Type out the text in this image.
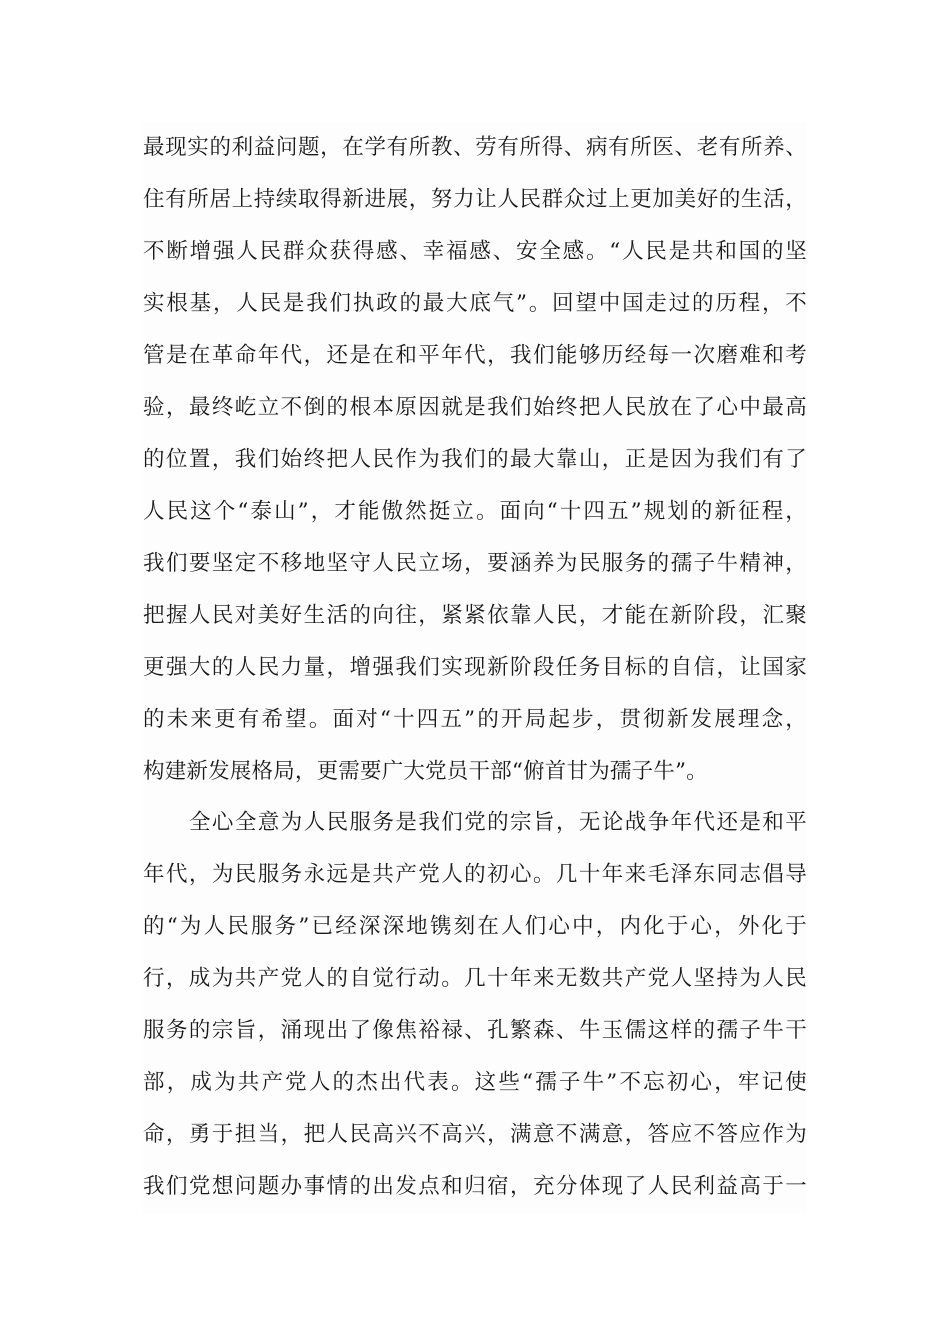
最现实的利益问题，在学有所教、劳有所得、病有所医、老有所养、
住有所居上持续取得新进展，努力让人民群众过上更加美好的生活，
不断增强人民群众获得感、幸福感、安全感。“人民是共和国的坚
实根基，人民是我们执政的最大底气”。回望中国走过的历程，不
管是在革命年代，还是在和平年代，我们能够历经每一次磨难和考
验，最终屹立不倒的根本原因就是我们始终把人民放在了心中最高
的位置，我们始终把人民作为我们的最大靠山，正是因为我们有了
人民这个“泰山”，才能傲然挺立。面向“十四五”规划的新征程，
我们要坚定不移地坚守人民立场，要涵养为民服务的孺子牛精神，
把握人民对美好生活的向往，紧紧依靠人民，才能在新阶段，汇聚
更强大的人民力量，增强我们实现新阶段任务目标的自信，让国家
的未来更有希望。面对“十四五”的开局起步，贯彻新发展理念，
构建新发展格局，更需要广大党员干部“俯首甘为孺子牛”。
全心全意为人民服务是我们党的宗旨，无论战争年代还是和平
年代，为民服务永远是共产党人的初心。几十年来毛泽东同志倡导
的“为人民服务”已经深深地镌刻在人们心中，内化于心，外化于
行，成为共产党人的自觉行动。几十年来无数共产党人坚持为人民
服务的宗旨，涌现出了像焦裕禄、孔繁森、牛玉儒这样的孺子牛干
部，成为共产党人的杰出代表。这些“孺子牛”不忘初心，牢记使
命，勇于担当，把人民高兴不高兴，满意不满意，答应不答应作为
我们党想问题办事情的出发点和归宿，充分体现了人民利益高于一
